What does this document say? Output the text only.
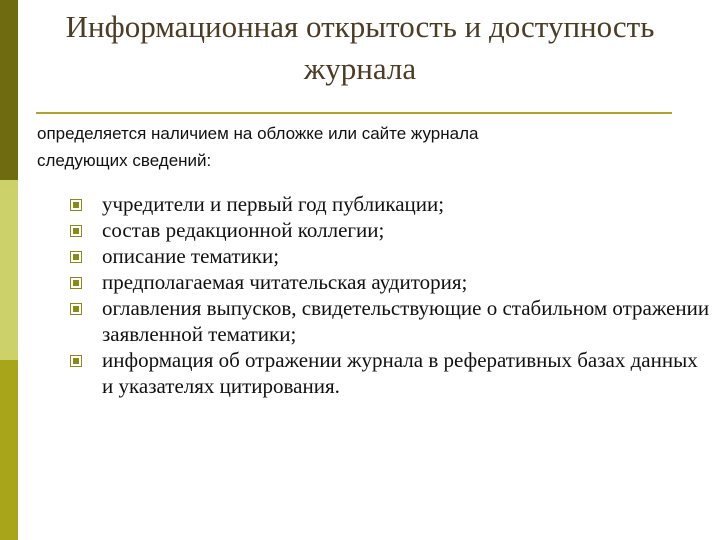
Информационная открытость и доступность
журнала
определяется наличием на обложке или сайте журнала
следующих сведений:
учредители и первый год публикации;
состав редакционной коллегии;
описание тематики;
предполагаемая читательская аудитория;
оглавления выпусков, свидетельствующие о стабильном отражении заявленной тематики;
информация об отражении журнала в реферативных базах данных и указателях цитирования.
